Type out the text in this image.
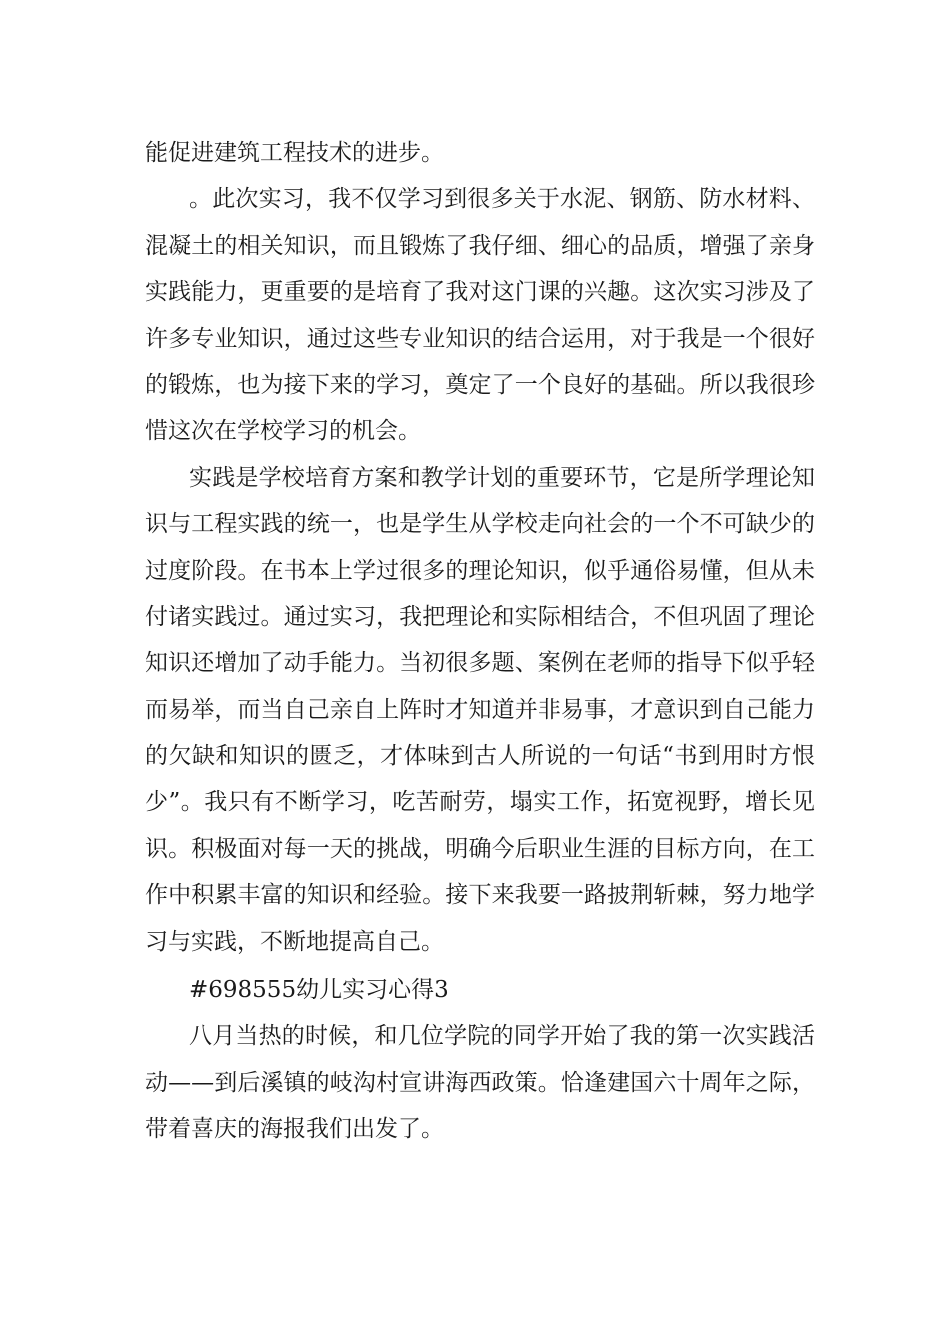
能促进建筑工程技术的进步。
。此次实习，我不仅学习到很多关于水泥、钢筋、防水材料、
混凝土的相关知识，而且锻炼了我仔细、细心的品质，增强了亲身
实践能力，更重要的是培育了我对这门课的兴趣。这次实习涉及了
许多专业知识，通过这些专业知识的结合运用，对于我是一个很好
的锻炼，也为接下来的学习，奠定了一个良好的基础。所以我很珍
惜这次在学校学习的机会。
实践是学校培育方案和教学计划的重要环节，它是所学理论知
识与工程实践的统一，也是学生从学校走向社会的一个不可缺少的
过度阶段。在书本上学过很多的理论知识，似乎通俗易懂，但从未
付诸实践过。通过实习，我把理论和实际相结合，不但巩固了理论
知识还增加了动手能力。当初很多题、案例在老师的指导下似乎轻
而易举，而当自己亲自上阵时才知道并非易事，才意识到自己能力
的欠缺和知识的匮乏，才体味到古人所说的一句话“书到用时方恨
少”。我只有不断学习，吃苦耐劳，塌实工作，拓宽视野，增长见
识。积极面对每一天的挑战，明确今后职业生涯的目标方向，在工
作中积累丰富的知识和经验。接下来我要一路披荆斩棘，努力地学
习与实践，不断地提高自己。
#698555幼儿实习心得3
八月当热的时候，和几位学院的同学开始了我的第一次实践活
动——到后溪镇的岐沟村宣讲海西政策。恰逢建国六十周年之际，
带着喜庆的海报我们出发了。
